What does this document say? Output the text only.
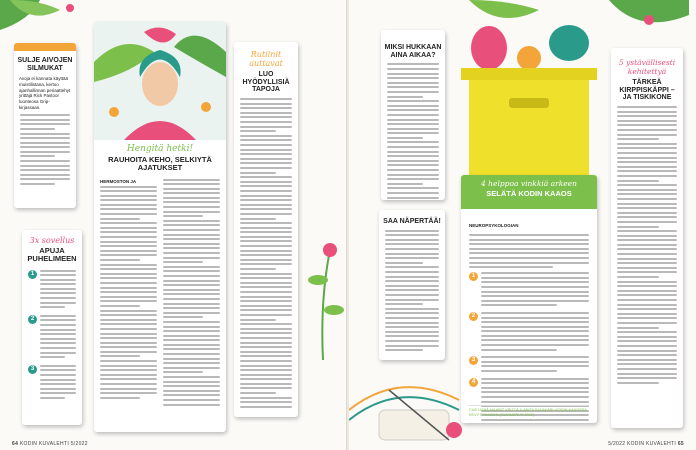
SULJE AIVOJEN SILMUKAT
Avoja ei kannata käyttää muistilistana, kertoo ajanhallinnan periaattehyt yrittäjä Rick Pastoor luonteosa Grip-kirjassaan.
3x sovellus
APUJA PUHELIMEEN
1
2
3
Hengitä hetki!
RAUHOITA KEHO, SELKIYTÄ AJATUKSET
HERMOSTON JA
Rutiinit auttavat
LUO HYÖDYLLISIÄ TAPOJA
64 KODIN KUVALEHTI 5/2022
MIKSI HUKKAAN AINA AIKAA?
SAA NÄPERTÄÄ!
4 helppoa vinkkiä arkeen
SELÄTÄ KODIN KAAOS
NEUROPSYKOLOGIAN
1
2
3
4
CUE LISÄÄ MAARIT YRITTÄ & ANITA SALAKARI: KODIN KAAOSSA KEVYTTYMINEN (GUMMERUS 2022)
5 ystävällisesti kehitettyä
TÄRKEÄ KIRPPISKÄPPI – JA TISKIKONE
5/2022 KODIN KUVALEHTI 65
